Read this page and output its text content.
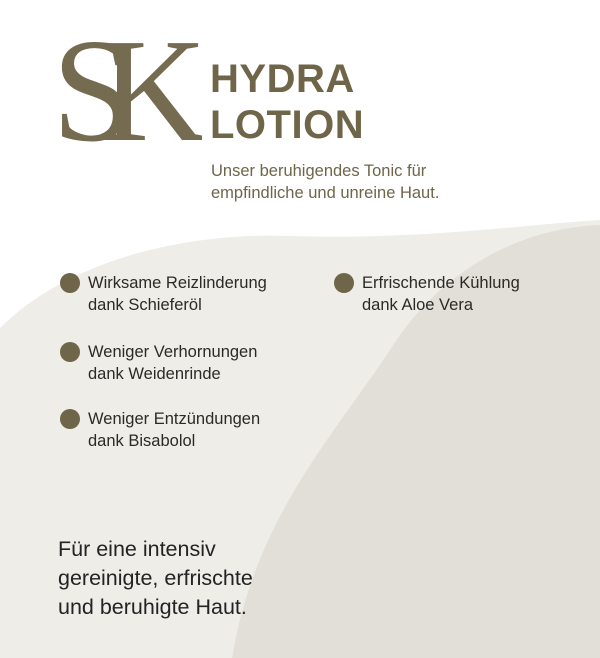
SK HYDRA
LOTION
Unser beruhigendes Tonic für
empfindliche und unreine Haut.
Wirksame Reizlinderung
dank Schieferöl
Weniger Verhornungen
dank Weidenrinde
Weniger Entzündungen
dank Bisabolol
Erfrischende Kühlung
dank Aloe Vera
Für eine intensiv
gereinigte, erfrischte
und beruhigte Haut.
